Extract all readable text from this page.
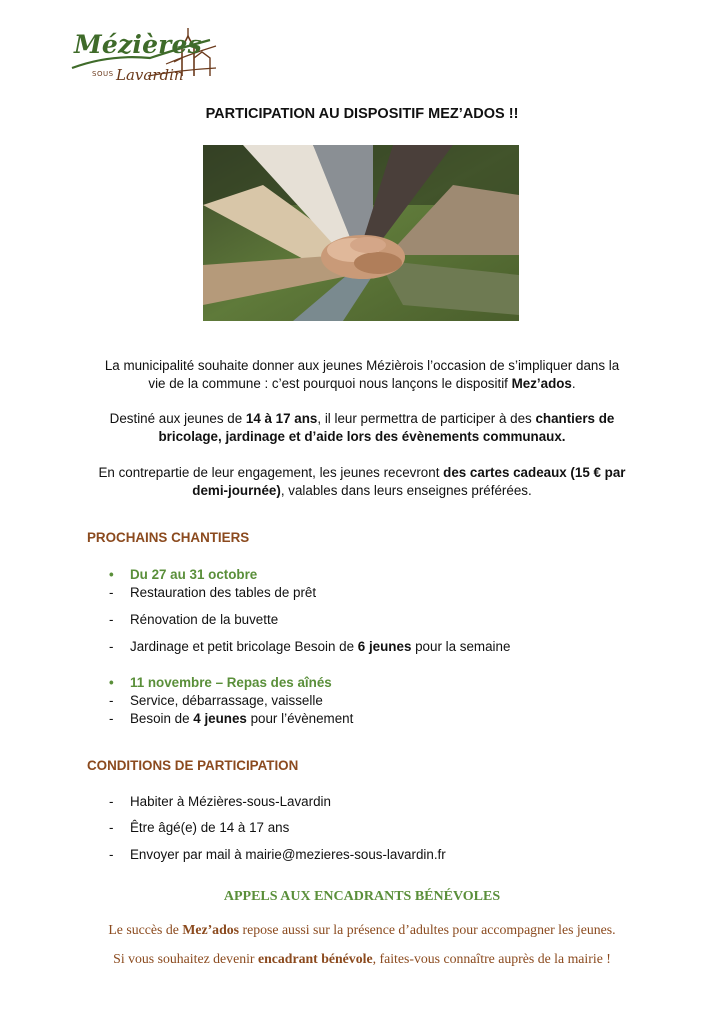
Mézières
SOUS Lavardin
PARTICIPATION AU DISPOSITIF MEZ’ADOS !!
La municipalité souhaite donner aux jeunes Mézièrois l’occasion de s’impliquer dans la
vie de la commune : c’est pourquoi nous lançons le dispositif Mez’ados.
Destiné aux jeunes de 14 à 17 ans, il leur permettra de participer à des chantiers de
bricolage, jardinage et d’aide lors des évènements communaux.
En contrepartie de leur engagement, les jeunes recevront des cartes cadeaux (15 € par
demi-journée), valables dans leurs enseignes préférées.
PROCHAINS CHANTIERS
• Du 27 au 31 octobre
- Restauration des tables de prêt
- Rénovation de la buvette
- Jardinage et petit bricolage Besoin de 6 jeunes pour la semaine
• 11 novembre – Repas des aînés
- Service, débarrassage, vaisselle
- Besoin de 4 jeunes pour l’évènement
CONDITIONS DE PARTICIPATION
- Habiter à Mézières-sous-Lavardin
- Être âgé(e) de 14 à 17 ans
- Envoyer par mail à mairie@mezieres-sous-lavardin.fr
APPELS AUX ENCADRANTS BÉNÉVOLES
Le succès de Mez’ados repose aussi sur la présence d’adultes pour accompagner les jeunes.
Si vous souhaitez devenir encadrant bénévole, faites-vous connaître auprès de la mairie !
